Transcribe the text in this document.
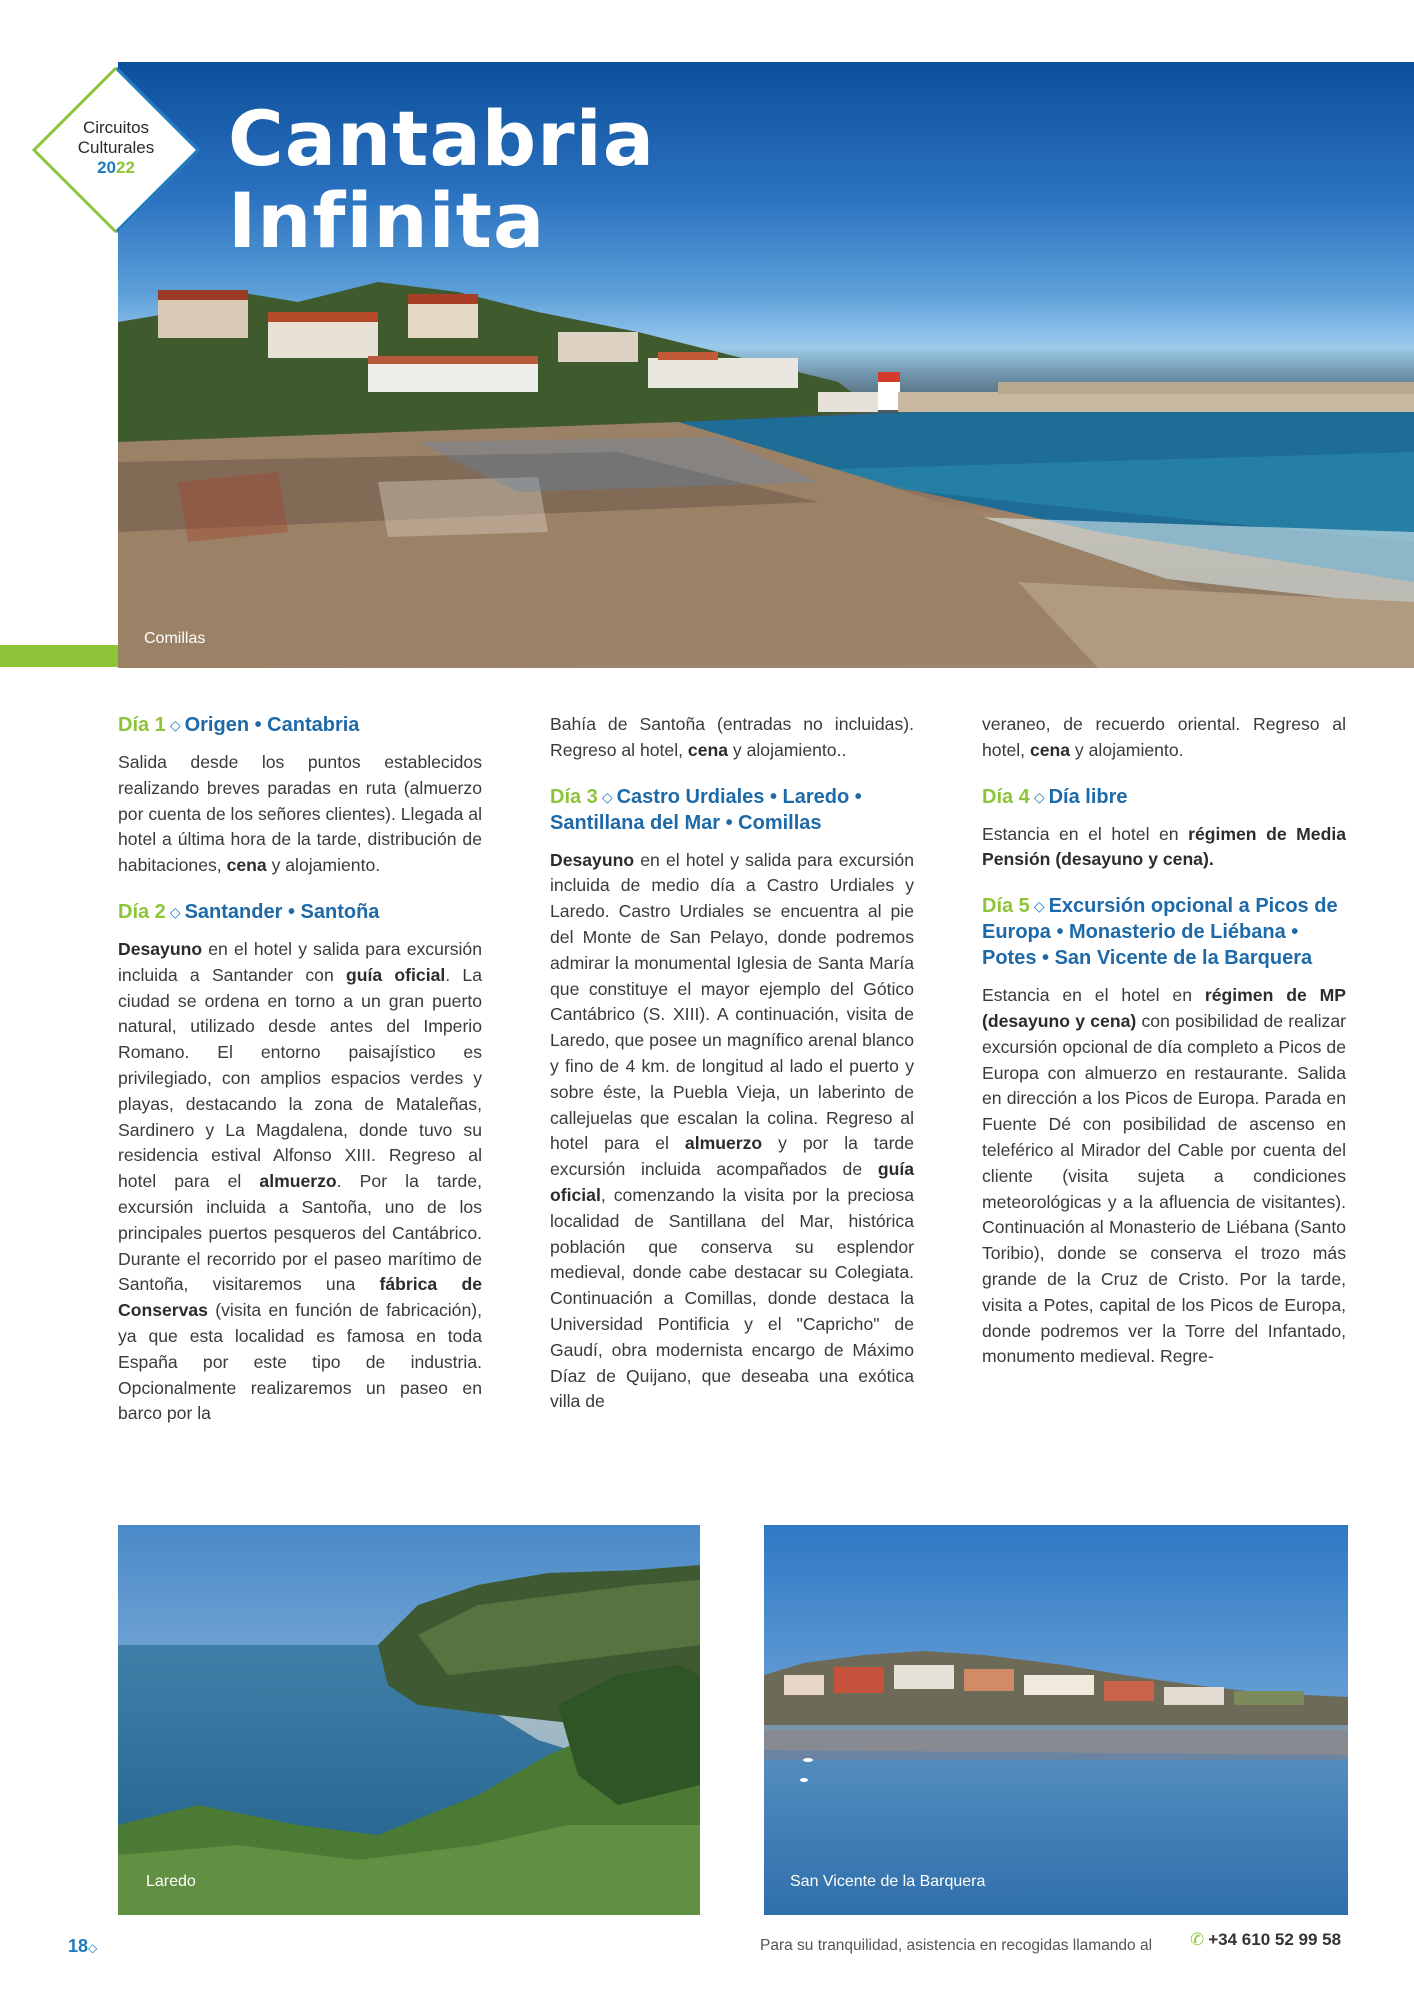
Comillas
Cantabria
Infinita
Circuitos
Culturales
2022
Día 1 ◇ Origen • Cantabria

Salida desde los puntos establecidos realizando breves paradas en ruta (almuerzo por cuenta de los señores clientes). Llegada al hotel a última hora de la tarde, distribución de habitaciones, cena y alojamiento.

Día 2 ◇ Santander • Santoña

Desayuno en el hotel y salida para excursión incluida a Santander con guía oficial. La ciudad se ordena en torno a un gran puerto natural, utilizado desde antes del Imperio Romano. El entorno paisajístico es privilegiado, con amplios espacios verdes y playas, destacando la zona de Mataleñas, Sardinero y La Magdalena, donde tuvo su residencia estival Alfonso XIII. Regreso al hotel para el almuerzo. Por la tarde, excursión incluida a Santoña, uno de los principales puertos pesqueros del Cantábrico. Durante el recorrido por el paseo marítimo de Santoña, visitaremos una fábrica de Conservas (visita en función de fabricación), ya que esta localidad es famosa en toda España por este tipo de industria. Opcionalmente realizaremos un paseo en barco por la

Bahía de Santoña (entradas no incluidas). Regreso al hotel, cena y alojamiento..

Día 3 ◇ Castro Urdiales • Laredo • Santillana del Mar • Comillas

Desayuno en el hotel y salida para excursión incluida de medio día a Castro Urdiales y Laredo. Castro Urdiales se encuentra al pie del Monte de San Pelayo, donde podremos admirar la monumental Iglesia de Santa María que constituye el mayor ejemplo del Gótico Cantábrico (S. XIII). A continuación, visita de Laredo, que posee un magnífico arenal blanco y fino de 4 km. de longitud al lado el puerto y sobre éste, la Puebla Vieja, un laberinto de callejuelas que escalan la colina. Regreso al hotel para el almuerzo y por la tarde excursión incluida acompañados de guía oficial, comenzando la visita por la preciosa localidad de Santillana del Mar, histórica población que conserva su esplendor medieval, donde cabe destacar su Colegiata. Continuación a Comillas, donde destaca la Universidad Pontificia y el "Capricho" de Gaudí, obra modernista encargo de Máximo Díaz de Quijano, que deseaba una exótica villa de

veraneo, de recuerdo oriental. Regreso al hotel, cena y alojamiento.

Día 4 ◇ Día libre

Estancia en el hotel en régimen de Media Pensión (desayuno y cena).

Día 5 ◇ Excursión opcional a Picos de Europa • Monasterio de Liébana • Potes • San Vicente de la Barquera

Estancia en el hotel en régimen de MP (desayuno y cena) con posibilidad de realizar excursión opcional de día completo a Picos de Europa con almuerzo en restaurante. Salida en dirección a los Picos de Europa. Parada en Fuente Dé con posibilidad de ascenso en teleférico al Mirador del Cable por cuenta del cliente (visita sujeta a condiciones meteorológicas y a la afluencia de visitantes). Continuación al Monasterio de Liébana (Santo Toribio), donde se conserva el trozo más grande de la Cruz de Cristo. Por la tarde, visita a Potes, capital de los Picos de Europa, donde podremos ver la Torre del Infantado, monumento medieval. Regre-

Laredo	San Vicente de la Barquera
18◇	Para su tranquilidad, asistencia en recogidas llamando al ✆ +34 610 52 99 58
